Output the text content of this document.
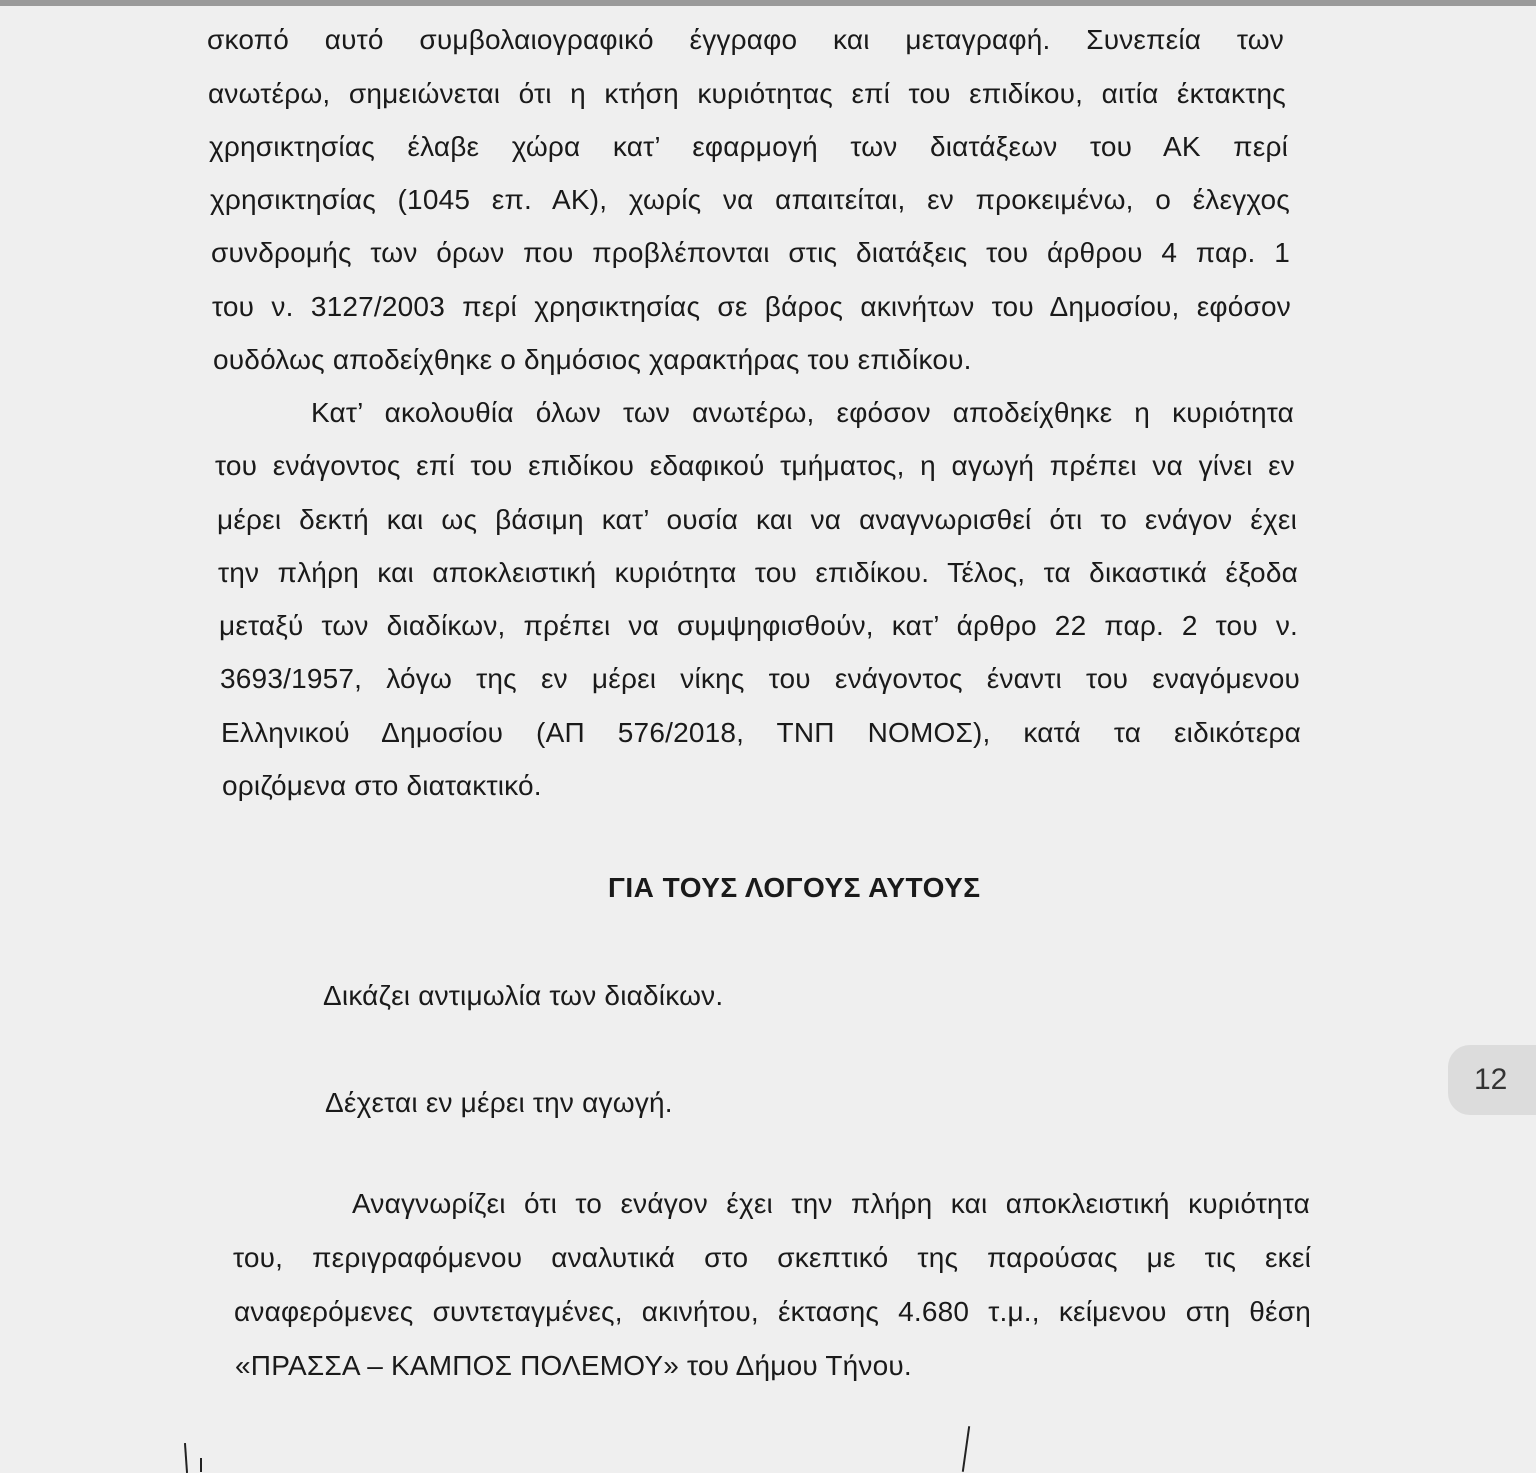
σκοπό αυτό συμβολαιογραφικό έγγραφο και μεταγραφή. Συνεπεία των
ανωτέρω, σημειώνεται ότι η κτήση κυριότητας επί του επιδίκου, αιτία έκτακτης
χρησικτησίας έλαβε χώρα κατ’ εφαρμογή των διατάξεων του ΑΚ περί
χρησικτησίας (1045 επ. ΑΚ), χωρίς να απαιτείται, εν προκειμένω, ο έλεγχος
συνδρομής των όρων που προβλέπονται στις διατάξεις του άρθρου 4 παρ. 1
του ν. 3127/2003 περί χρησικτησίας σε βάρος ακινήτων του Δημοσίου, εφόσον
ουδόλως αποδείχθηκε ο δημόσιος χαρακτήρας του επιδίκου.
Κατ’ ακολουθία όλων των ανωτέρω, εφόσον αποδείχθηκε η κυριότητα
του ενάγοντος επί του επιδίκου εδαφικού τμήματος, η αγωγή πρέπει να γίνει εν
μέρει δεκτή και ως βάσιμη κατ’ ουσία και να αναγνωρισθεί ότι το ενάγον έχει
την πλήρη και αποκλειστική κυριότητα του επιδίκου. Τέλος, τα δικαστικά έξοδα
μεταξύ των διαδίκων, πρέπει να συμψηφισθούν, κατ’ άρθρο 22 παρ. 2 του ν.
3693/1957, λόγω της εν μέρει νίκης του ενάγοντος έναντι του εναγόμενου
Ελληνικού Δημοσίου (ΑΠ 576/2018, ΤΝΠ ΝΟΜΟΣ), κατά τα ειδικότερα
οριζόμενα στο διατακτικό.
ΓΙΑ ΤΟΥΣ ΛΟΓΟΥΣ ΑΥΤΟΥΣ
Δικάζει αντιμωλία των διαδίκων.
Δέχεται εν μέρει την αγωγή.
Αναγνωρίζει ότι το ενάγον έχει την πλήρη και αποκλειστική κυριότητα
του, περιγραφόμενου αναλυτικά στο σκεπτικό της παρούσας με τις εκεί
αναφερόμενες συντεταγμένες, ακινήτου, έκτασης 4.680 τ.μ., κείμενου στη θέση
«ΠΡΑΣΣΑ – ΚΑΜΠΟΣ ΠΟΛΕΜΟΥ» του Δήμου Τήνου.
12
